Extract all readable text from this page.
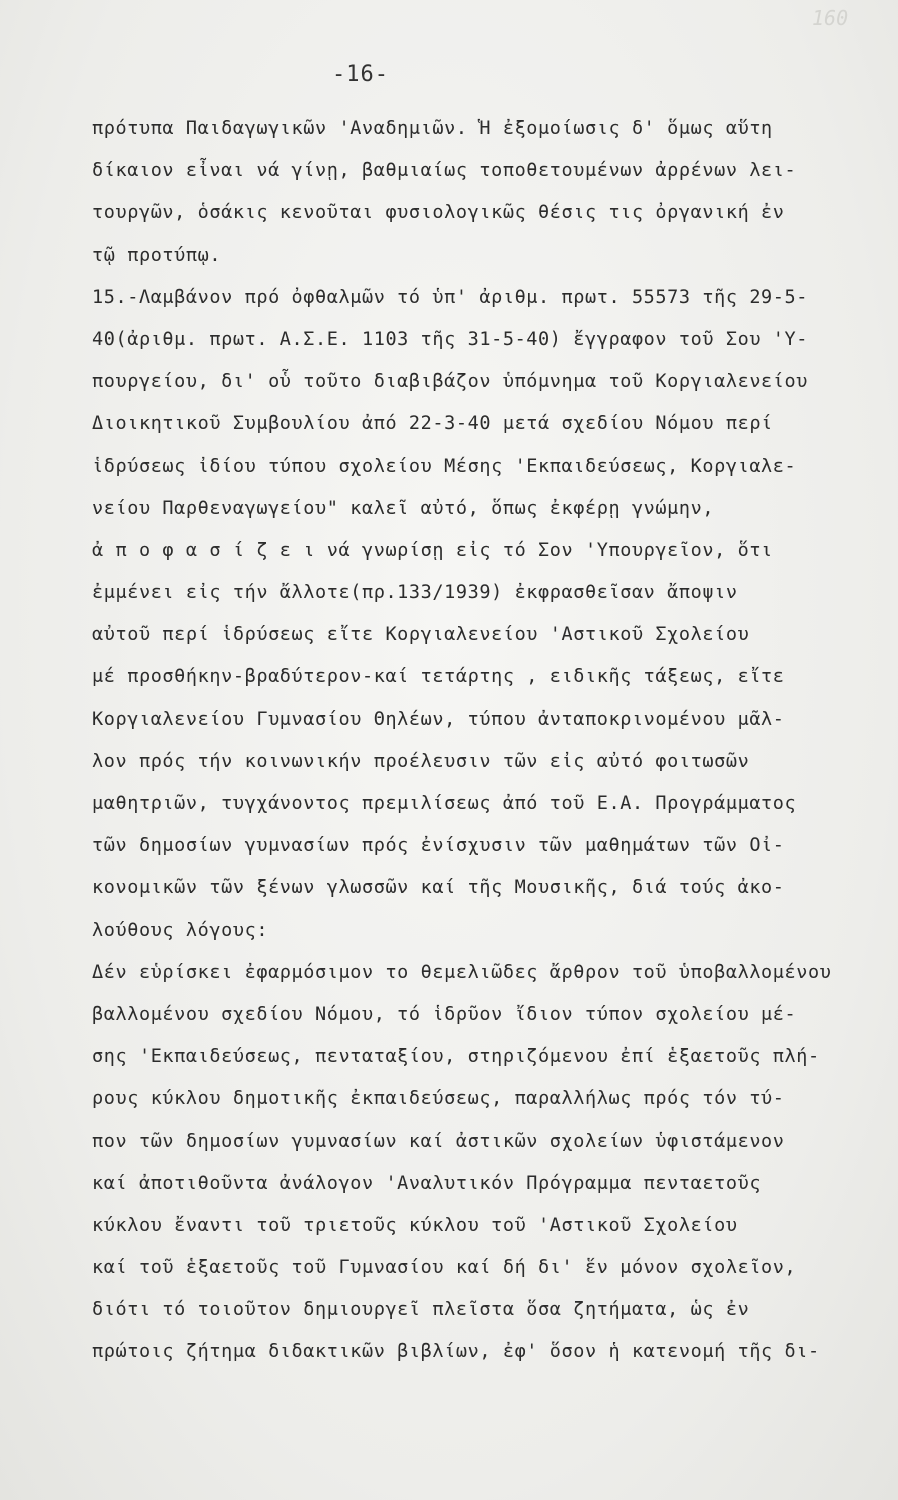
160
-16-
πρότυπα Παιδαγωγικῶν 'Αναδημιῶν. Ἡ ἐξομοίωσις δ' ὅμως αὕτη
δίκαιον εἶναι νά γίνῃ, βαθμιαίως τοποθετουμένων ἀρρένων λει-
τουργῶν, ὁσάκις κενοῦται φυσιολογικῶς θέσις τις ὀργανική ἐν
τῷ προτύπῳ.
15.-Λαμβάνον πρό ὀφθαλμῶν τό ὑπ' ἀριθμ. πρωτ. 55573 τῆς 29-5-
40(ἀριθμ. πρωτ. Α.Σ.Ε. 1103 τῆς 31-5-40) ἔγγραφον τοῦ Σου 'Υ-
πουργείου, δι' οὗ τοῦτο διαβιβάζον ὑπόμνημα τοῦ Κοργιαλενείου
Διοικητικοῦ Συμβουλίου ἀπό 22-3-40 μετά σχεδίου Νόμου περί
ἱδρύσεως ἰδίου τύπου σχολείου Μέσης 'Εκπαιδεύσεως, Κοργιαλε-
νείου Παρθεναγωγείου" καλεῖ αὐτό, ὅπως ἐκφέρῃ γνώμην,
ἀ π ο φ α σ ί ζ ε ι νά γνωρίσῃ εἰς τό Σον 'Υπουργεῖον, ὅτι
ἐμμένει εἰς τήν ἄλλοτε(πρ.133/1939) ἐκφρασθεῖσαν ἄποψιν
αὐτοῦ περί ἱδρύσεως εἴτε Κοργιαλενείου 'Αστικοῦ Σχολείου
μέ προσθήκην-βραδύτερον-καί τετάρτης , ειδικῆς τάξεως, εἴτε
Κοργιαλενείου Γυμνασίου Θηλέων, τύπου ἀνταποκρινομένου μᾶλ-
λον πρός τήν κοινωνικήν προέλευσιν τῶν εἰς αὐτό φοιτωσῶν
μαθητριῶν, τυγχάνοντος πρεμιλίσεως ἀπό τοῦ Ε.Α. Προγράμματος
τῶν δημοσίων γυμνασίων πρός ἐνίσχυσιν τῶν μαθημάτων τῶν Οἰ-
κονομικῶν τῶν ξένων γλωσσῶν καί τῆς Μουσικῆς, διά τούς ἀκο-
λούθους λόγους:
Δέν εὑρίσκει ἐφαρμόσιμον το θεμελιῶδες ἄρθρον τοῦ ὑποβαλλομένου
βαλλομένου σχεδίου Νόμου, τό ἱδρῦον ἴδιον τύπον σχολείου μέ-
σης 'Εκπαιδεύσεως, πενταταξίου, στηριζόμενου ἐπί ἑξαετοῦς πλή-
ρους κύκλου δημοτικῆς ἐκπαιδεύσεως, παραλλήλως πρός τόν τύ-
πον τῶν δημοσίων γυμνασίων καί ἀστικῶν σχολείων ὑφιστάμενον
καί ἀποτιθοῦντα ἀνάλογον 'Αναλυτικόν Πρόγραμμα πενταετοῦς
κύκλου ἔναντι τοῦ τριετοῦς κύκλου τοῦ 'Αστικοῦ Σχολείου
καί τοῦ ἑξαετοῦς τοῦ Γυμνασίου καί δή δι' ἕν μόνον σχολεῖον,
διότι τό τοιοῦτον δημιουργεῖ πλεῖστα ὅσα ζητήματα, ὡς ἐν
πρώτοις ζήτημα διδακτικῶν βιβλίων, ἐφ' ὅσον ἡ κατενομή τῆς δι-
